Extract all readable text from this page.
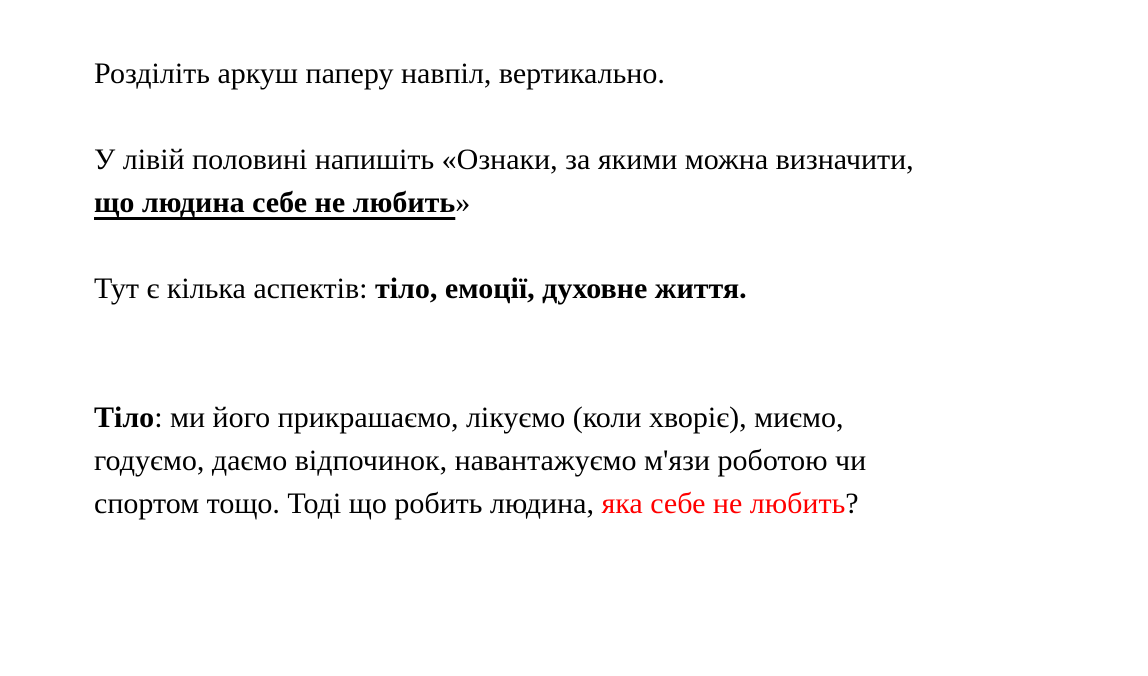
Розділіть аркуш паперу навпіл, вертикально.

У лівій половині напишіть «Ознаки, за якими можна визначити,
що людина себе не любить»

Тут є кілька аспектів: тіло, емоції, духовне життя.

Тіло: ми його прикрашаємо, лікуємо (коли хворіє), миємо,
годуємо, даємо відпочинок, навантажуємо м'язи роботою чи
спортом тощо. Тоді що робить людина, яка себе не любить?
